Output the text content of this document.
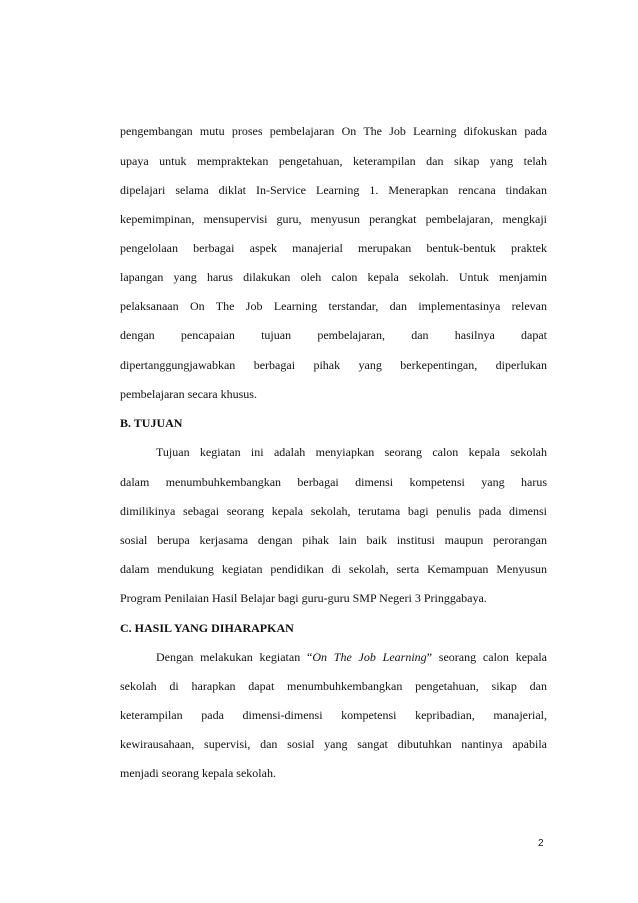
pengembangan mutu proses pembelajaran On The Job Learning difokuskan pada
upaya untuk mempraktekan pengetahuan, keterampilan dan sikap yang telah
dipelajari selama diklat In-Service Learning 1. Menerapkan rencana tindakan
kepemimpinan, mensupervisi guru, menyusun perangkat pembelajaran, mengkaji
pengelolaan berbagai aspek manajerial merupakan bentuk-bentuk praktek
lapangan yang harus dilakukan oleh calon kepala sekolah. Untuk menjamin
pelaksanaan On The Job Learning terstandar, dan implementasinya relevan
dengan pencapaian tujuan pembelajaran, dan hasilnya dapat
dipertanggungjawabkan berbagai pihak yang berkepentingan, diperlukan
pembelajaran secara khusus.
B. TUJUAN
Tujuan kegiatan ini adalah menyiapkan seorang calon kepala sekolah
dalam menumbuhkembangkan berbagai dimensi kompetensi yang harus
dimilikinya sebagai seorang kepala sekolah, terutama bagi penulis pada dimensi
sosial berupa kerjasama dengan pihak lain baik institusi maupun perorangan
dalam mendukung kegiatan pendidikan di sekolah, serta Kemampuan Menyusun
Program Penilaian Hasil Belajar bagi guru-guru SMP Negeri 3 Pringgabaya.
C. HASIL YANG DIHARAPKAN
Dengan melakukan kegiatan “On The Job Learning” seorang calon kepala
sekolah di harapkan dapat menumbuhkembangkan pengetahuan, sikap dan
keterampilan pada dimensi-dimensi kompetensi kepribadian, manajerial,
kewirausahaan, supervisi, dan sosial yang sangat dibutuhkan nantinya apabila
menjadi seorang kepala sekolah.
2
